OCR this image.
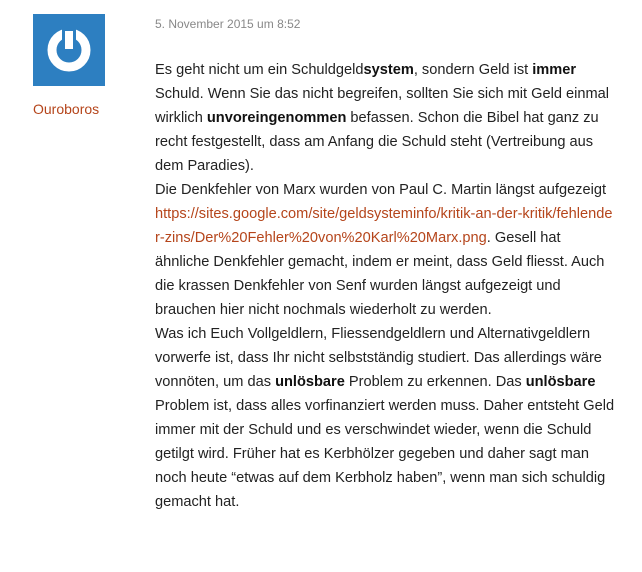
Ouroboros
5. November 2015 um 8:52

Es geht nicht um ein Schuldgeldsystem, sondern Geld ist immer Schuld. Wenn Sie das nicht begreifen, sollten Sie sich mit Geld einmal wirklich unvoreingenommen befassen. Schon die Bibel hat ganz zu recht festgestellt, dass am Anfang die Schuld steht (Vertreibung aus dem Paradies).

Die Denkfehler von Marx wurden von Paul C. Martin längst aufgezeigt https://sites.google.com/site/geldsysteminfo/kritik-an-der-kritik/fehlender-zins/Der%20Fehler%20von%20Karl%20Marx.png. Gesell hat ähnliche Denkfehler gemacht, indem er meint, dass Geld fliesst. Auch die krassen Denkfehler von Senf wurden längst aufgezeigt und brauchen hier nicht nochmals wiederholt zu werden.

Was ich Euch Vollgeldlern, Fliessendgeldlern und Alternativgeldlern vorwerfe ist, dass Ihr nicht selbstständig studiert. Das allerdings wäre vonnöten, um das unlösbare Problem zu erkennen. Das unlösbare Problem ist, dass alles vorfinanziert werden muss. Daher entsteht Geld immer mit der Schuld und es verschwindet wieder, wenn die Schuld getilgt wird. Früher hat es Kerbhölzer gegeben und daher sagt man noch heute “etwas auf dem Kerbholz haben”, wenn man sich schuldig gemacht hat.
